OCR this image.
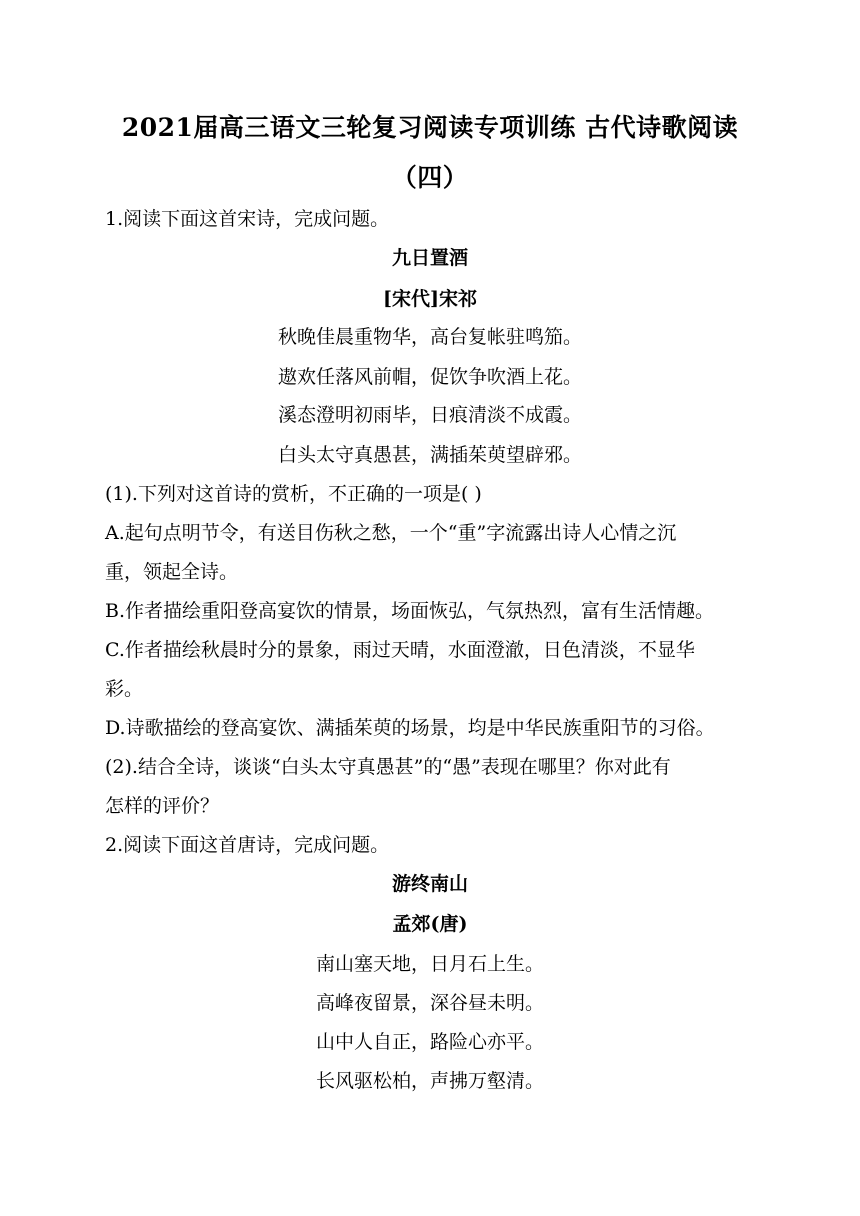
2021届高三语文三轮复习阅读专项训练 古代诗歌阅读
（四）
1.阅读下面这首宋诗，完成问题。
九日置酒
[宋代]宋祁
秋晚佳晨重物华，高台复帐驻鸣笳。
遨欢任落风前帽，促饮争吹酒上花。
溪态澄明初雨毕，日痕清淡不成霞。
白头太守真愚甚，满插茱萸望辟邪。
(1).下列对这首诗的赏析，不正确的一项是( )
A.起句点明节令，有送目伤秋之愁，一个“重”字流露出诗人心情之沉
重，领起全诗。
B.作者描绘重阳登高宴饮的情景，场面恢弘，气氛热烈，富有生活情趣。
C.作者描绘秋晨时分的景象，雨过天晴，水面澄澈，日色清淡，不显华
彩。
D.诗歌描绘的登高宴饮、满插茱萸的场景，均是中华民族重阳节的习俗。
(2).结合全诗，谈谈“白头太守真愚甚”的“愚”表现在哪里？你对此有
怎样的评价？
2.阅读下面这首唐诗，完成问题。
游终南山
孟郊(唐)
南山塞天地，日月石上生。
高峰夜留景，深谷昼未明。
山中人自正，路险心亦平。
长风驱松柏，声拂万壑清。
